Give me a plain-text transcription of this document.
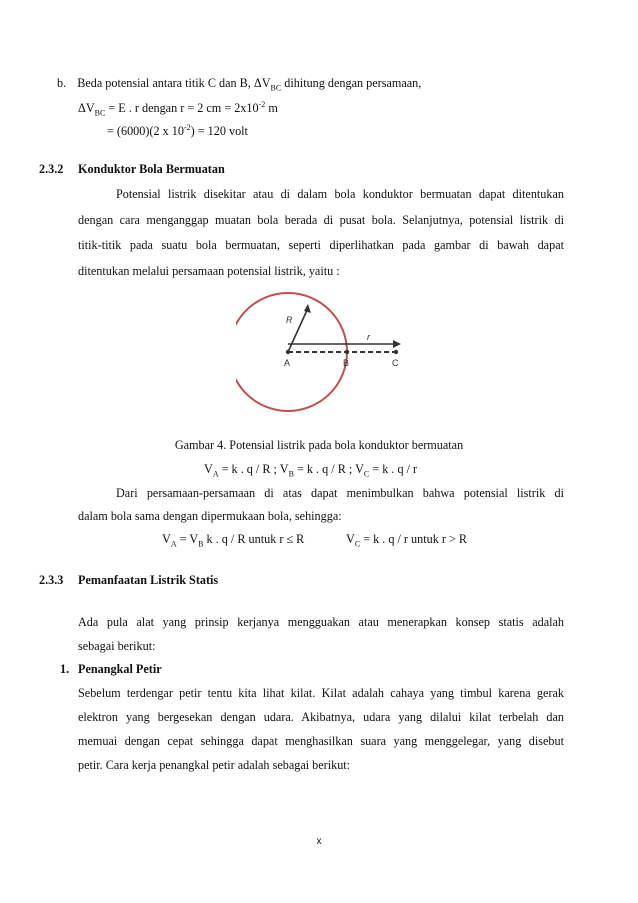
b. Beda potensial antara titik C dan B, $\Delta V_{BC}$ dihitung dengan persamaan,
$\Delta V_{BC} = E$ . r dengan r = 2 cm = $2x10^{-2}$ m
= (6000)(2 x $10^{-2}) = 120$ volt
2.3.2 Konduktor Bola Bermuatan
Potensial listrik disekitar atau di dalam bola konduktor bermuatan dapat ditentukan
dengan cara menganggap muatan bola berada di pusat bola. Selanjutnya, potensial listrik di
titik-titik pada suatu bola bermuatan, seperti diperlihatkan pada gambar di bawah dapat
ditentukan melalui persamaan potensial listrik, yaitu :
R
r
A	B	C
Gambar 4. Potensial listrik pada bola konduktor bermuatan
$V_A = k$ . q / R ; $V_B = k$ . q / R ; $V_C = k$ . q / r
Dari persamaan-persamaan di atas dapat menimbulkan bahwa potensial listrik di
dalam bola sama dengan dipermukaan bola, sehingga:
$V_A = V_B$ k . q / R untuk r ≤ R	$V_C = k$ . q / r untuk r > R
2.3.3 Pemanfaatan Listrik Statis
Ada pula alat yang prinsip kerjanya mengguakan atau menerapkan konsep statis adalah
sebagai berikut:
1. Penangkal Petir
Sebelum terdengar petir tentu kita lihat kilat. Kilat adalah cahaya yang timbul karena gerak
elektron yang bergesekan dengan udara. Akibatnya, udara yang dilalui kilat terbelah dan
memuai dengan cepat sehingga dapat menghasilkan suara yang menggelegar, yang disebut
petir. Cara kerja penangkal petir adalah sebagai berikut:
x
